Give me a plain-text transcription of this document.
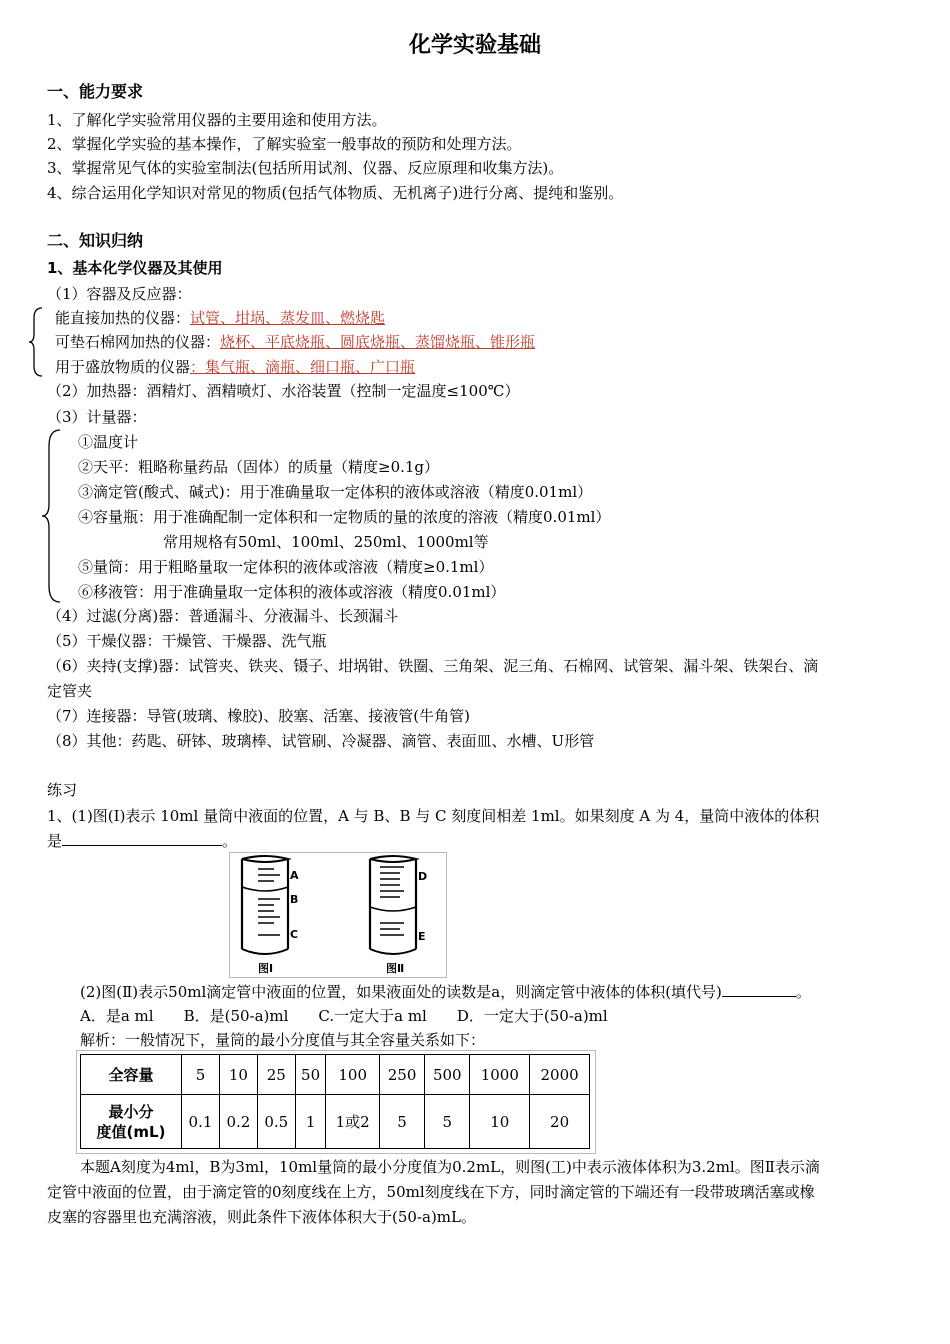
化学实验基础
一、能力要求
1、了解化学实验常用仪器的主要用途和使用方法。
2、掌握化学实验的基本操作，了解实验室一般事故的预防和处理方法。
3、掌握常见气体的实验室制法(包括所用试剂、仪器、反应原理和收集方法)。
4、综合运用化学知识对常见的物质(包括气体物质、无机离子)进行分离、提纯和鉴别。
二、知识归纳
1、基本化学仪器及其使用
（1）容器及反应器：
能直接加热的仪器：试管、坩埚、蒸发皿、燃烧匙
可垫石棉网加热的仪器：烧杯、平底烧瓶、圆底烧瓶、蒸馏烧瓶、锥形瓶
用于盛放物质的仪器：集气瓶、滴瓶、细口瓶、广口瓶
（2）加热器：酒精灯、酒精喷灯、水浴装置（控制一定温度≤100℃）
（3）计量器：
①温度计
②天平：粗略称量药品（固体）的质量（精度≥0.1g）
③滴定管(酸式、碱式)：用于准确量取一定体积的液体或溶液（精度0.01ml）
④容量瓶：用于准确配制一定体积和一定物质的量的浓度的溶液（精度0.01ml）
常用规格有50ml、100ml、250ml、1000ml等
⑤量筒：用于粗略量取一定体积的液体或溶液（精度≥0.1ml）
⑥移液管：用于准确量取一定体积的液体或溶液（精度0.01ml）
（4）过滤(分离)器：普通漏斗、分液漏斗、长颈漏斗
（5）干燥仪器：干燥管、干燥器、洗气瓶
（6）夹持(支撑)器：试管夹、铁夹、镊子、坩埚钳、铁圈、三角架、泥三角、石棉网、试管架、漏斗架、铁架台、滴
定管夹
（7）连接器：导管(玻璃、橡胶)、胶塞、活塞、接液管(牛角管)
（8）其他：药匙、研钵、玻璃棒、试管刷、冷凝器、滴管、表面皿、水槽、U形管
练习
1、(1)图(Ⅰ)表示 10ml 量筒中液面的位置，A 与 B、B 与 C 刻度间相差 1ml。如果刻度 A 为 4，量筒中液体的体积
是	。
A
B
C
图Ⅰ
D
E
图Ⅱ
(2)图(Ⅱ)表示50ml滴定管中液面的位置，如果液面处的读数是a，则滴定管中液体的体积(填代号)	。
A．是a ml　　B．是(50-a)ml　　C.一定大于a ml　　D．一定大于(50-a)ml
解析：一般情况下，量筒的最小分度值与其全容量关系如下：
全容量	5	10	25	50	100	250	500	1000	2000

最小分
度值(mL)	0.1	0.2	0.5	1	1或2	5	5	10	20
本题A刻度为4ml，B为3ml，10ml量筒的最小分度值为0.2mL，则图(工)中表示液体体积为3.2ml。图Ⅱ表示滴
定管中液面的位置，由于滴定管的0刻度线在上方，50ml刻度线在下方，同时滴定管的下端还有一段带玻璃活塞或橡
皮塞的容器里也充满溶液，则此条件下液体体积大于(50-a)mL。
